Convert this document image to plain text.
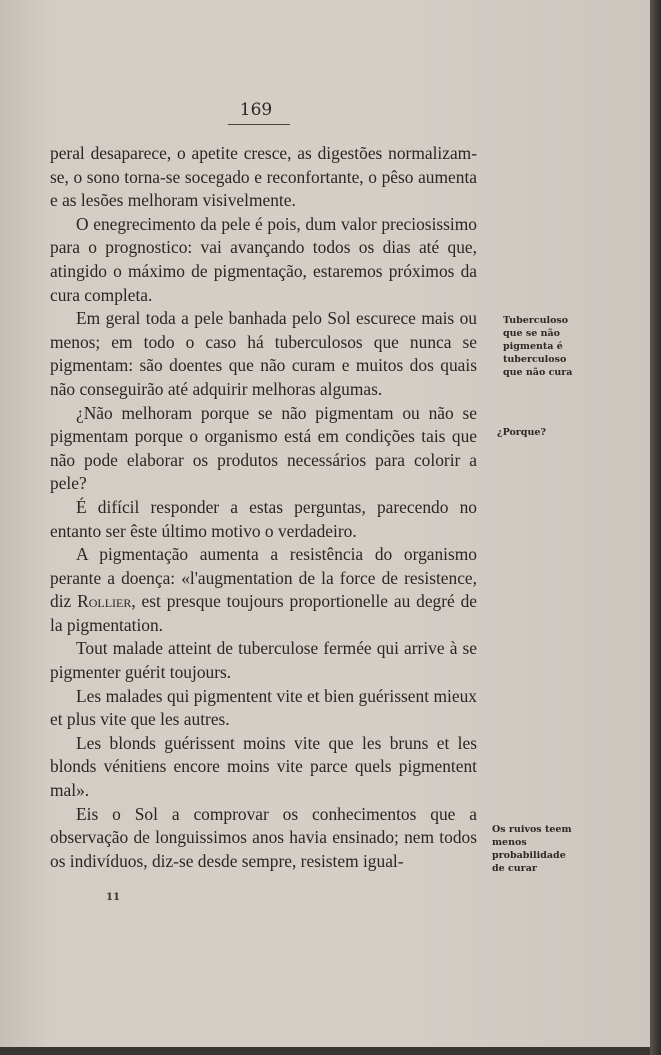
169

peral desaparece, o apetite cresce, as digestões normalizam-se, o sono torna-se socegado e reconfortante, o pêso aumenta e as lesões melhoram visivelmente.

O enegrecimento da pele é pois, dum valor preciosissimo para o prognostico: vai avançando todos os dias até que, atingido o máximo de pigmentação, estaremos próximos da cura completa.

Em geral toda a pele banhada pelo Sol escurece mais ou menos; em todo o caso há tuberculosos que nunca se pigmentam: são doentes que não curam e muitos dos quais não conseguirão até adquirir melhoras algumas.

¿Não melhoram porque se não pigmentam ou não se pigmentam porque o organismo está em condições tais que não pode elaborar os produtos necessários para colorir a pele?

É difícil responder a estas perguntas, parecendo no entanto ser êste último motivo o verdadeiro.

A pigmentação aumenta a resistência do organismo perante a doença: «l'augmentation de la force de resistence, diz Rollier, est presque toujours proportionelle au degré de la pigmentation.

Tout malade atteint de tuberculose fermée qui arrive à se pigmenter guérit toujours.

Les malades qui pigmentent vite et bien guérissent mieux et plus vite que les autres.

Les blonds guérissent moins vite que les bruns et les blonds vénitiens encore moins vite parce quels pigmentent mal».

Eis o Sol a comprovar os conhecimentos que a observação de longuissimos anos havia ensinado; nem todos os indivíduos, diz-se desde sempre, resistem igual-

Tuberculoso que se não pigmenta é tuberculoso que não cura
¿Porque?
Os ruivos teem menos probabilidade de curar
11
